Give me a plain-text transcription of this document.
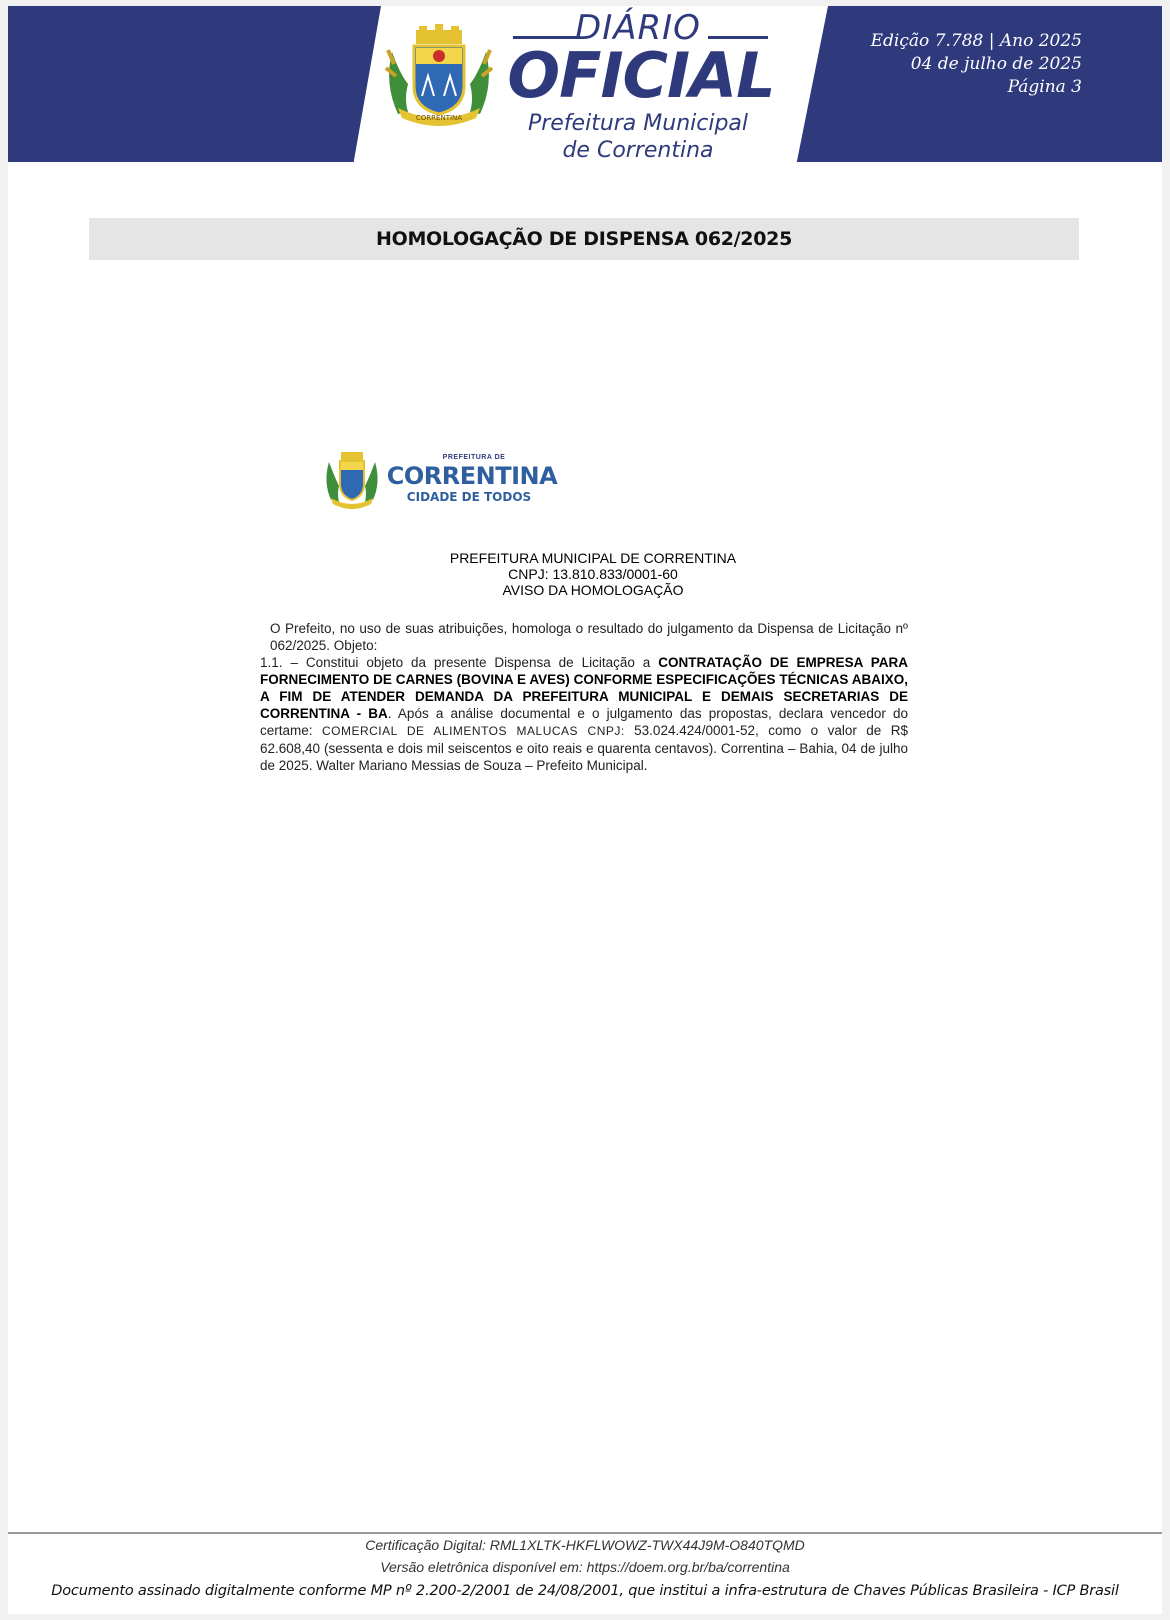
CORRENTINA
DIÁRIO
OFICIAL
Prefeitura Municipal
de Correntina
Edição 7.788 | Ano 2025
04 de julho de 2025
Página 3
HOMOLOGAÇÃO DE DISPENSA 062/2025
PREFEITURA DE
CORRENTINA
CIDADE DE TODOS
PREFEITURA MUNICIPAL DE CORRENTINA
CNPJ: 13.810.833/0001-60
AVISO DA HOMOLOGAÇÃO

O Prefeito, no uso de suas atribuições, homologa o resultado do julgamento da Dispensa de Licitação nº 062/2025. Objeto:

1.1. – Constitui objeto da presente Dispensa de Licitação a CONTRATAÇÃO DE EMPRESA PARA FORNECIMENTO DE CARNES (BOVINA E AVES) CONFORME ESPECIFICAÇÕES TÉCNICAS ABAIXO, A FIM DE ATENDER DEMANDA DA PREFEITURA MUNICIPAL E DEMAIS SECRETARIAS DE CORRENTINA - BA. Após a análise documental e o julgamento das propostas, declara vencedor do certame: COMERCIAL DE ALIMENTOS MALUCAS CNPJ: 53.024.424/0001-52, como o valor de R$ 62.608,40 (sessenta e dois mil seiscentos e oito reais e quarenta centavos). Correntina – Bahia, 04 de julho de 2025. Walter Mariano Messias de Souza – Prefeito Municipal.

Certificação Digital: RML1XLTK-HKFLWOWZ-TWX44J9M-O840TQMD
Versão eletrônica disponível em: https://doem.org.br/ba/correntina
Documento assinado digitalmente conforme MP nº 2.200-2/2001 de 24/08/2001, que institui a infra-estrutura de Chaves Públicas Brasileira - ICP Brasil
